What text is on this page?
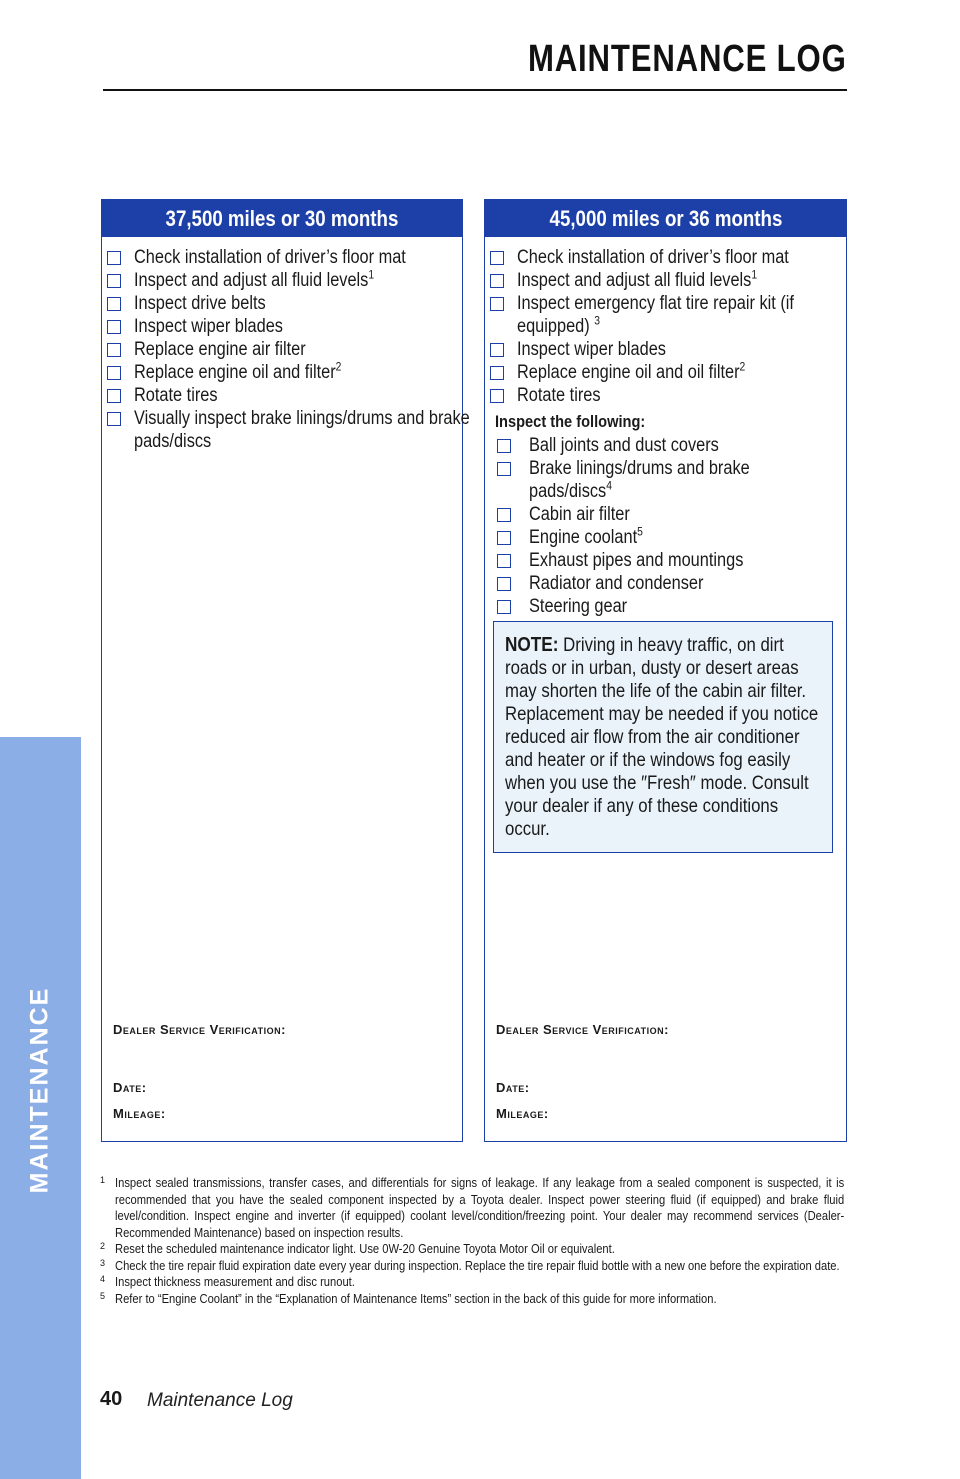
MAINTENANCE LOG
MAINTENANCE
37,500 miles or 30 months
Check installation of driver’s floor mat
Inspect and adjust all fluid levels$^1$
Inspect drive belts
Inspect wiper blades
Replace engine air filter
Replace engine oil and filter$^2$
Rotate tires
Visually inspect brake linings/drums and brake pads/discs
Dealer Service Verification:
Date:
Mileage:
45,000 miles or 36 months
Check installation of driver’s floor mat
Inspect and adjust all fluid levels$^1$
Inspect emergency flat tire repair kit (if equipped) $^3$
Inspect wiper blades
Replace engine oil and oil filter$^2$
Rotate tires
Inspect the following:
Ball joints and dust covers
Brake linings/drums and brake pads/discs$^4$
Cabin air filter
Engine coolant$^5$
Exhaust pipes and mountings
Radiator and condenser
Steering gear
NOTE: Driving in heavy traffic, on dirt roads or in urban, dusty or desert areas may shorten the life of the cabin air filter. Replacement may be needed if you notice reduced air flow from the air conditioner and heater or if the windows fog easily when you use the ″Fresh″ mode. Consult your dealer if any of these conditions occur.
Dealer Service Verification:
Date:
Mileage:
1 Inspect sealed transmissions, transfer cases, and differentials for signs of leakage. If any leakage from a sealed component is suspected, it is recommended that you have the sealed component inspected by a Toyota dealer. Inspect power steering fluid (if equipped) and brake fluid level/condition. Inspect engine and inverter (if equipped) coolant level/condition/freezing point. Your dealer may recommend services (Dealer-Recommended Maintenance) based on inspection results.
2 Reset the scheduled maintenance indicator light. Use 0W-20 Genuine Toyota Motor Oil or equivalent.
3 Check the tire repair fluid expiration date every year during inspection. Replace the tire repair fluid bottle with a new one before the expiration date.
4 Inspect thickness measurement and disc runout.
5 Refer to “Engine Coolant” in the “Explanation of Maintenance Items” section in the back of this guide for more information.
40 Maintenance Log
